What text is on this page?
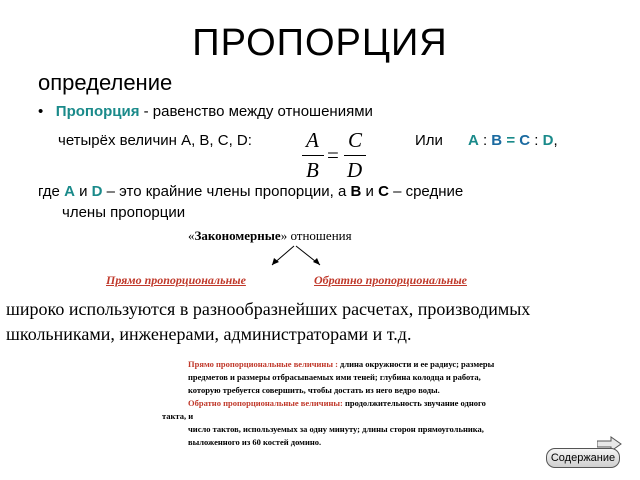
ПРОПОРЦИЯ
определение
• Пропорция - равенство между отношениями
четырёх величин А, В, С, D:	A
B
=
C
D
Или А : В = С : D,
где А и D – это крайние члены пропорции, а В и С – средние
члены пропорции
«Закономерные» отношения
Прямо пропорциональные	Обратно пропорциональные
широко используются в разнообразнейших расчетах, производимых
школьниками, инженерами, администраторами и т.д.
Прямо пропорциональные величины : длина окружности и ее радиус; размеры
предметов и размеры отбрасываемых ими теней; глубина колодца и работа,
которую требуется совершить, чтобы достать из него ведро воды.
Обратно пропорциональные величины: продолжительность звучание одного
такта, и
число тактов, используемых за одну минуту; длины сторон прямоугольника,
выложенного из 60 костей домино.
Содержание
